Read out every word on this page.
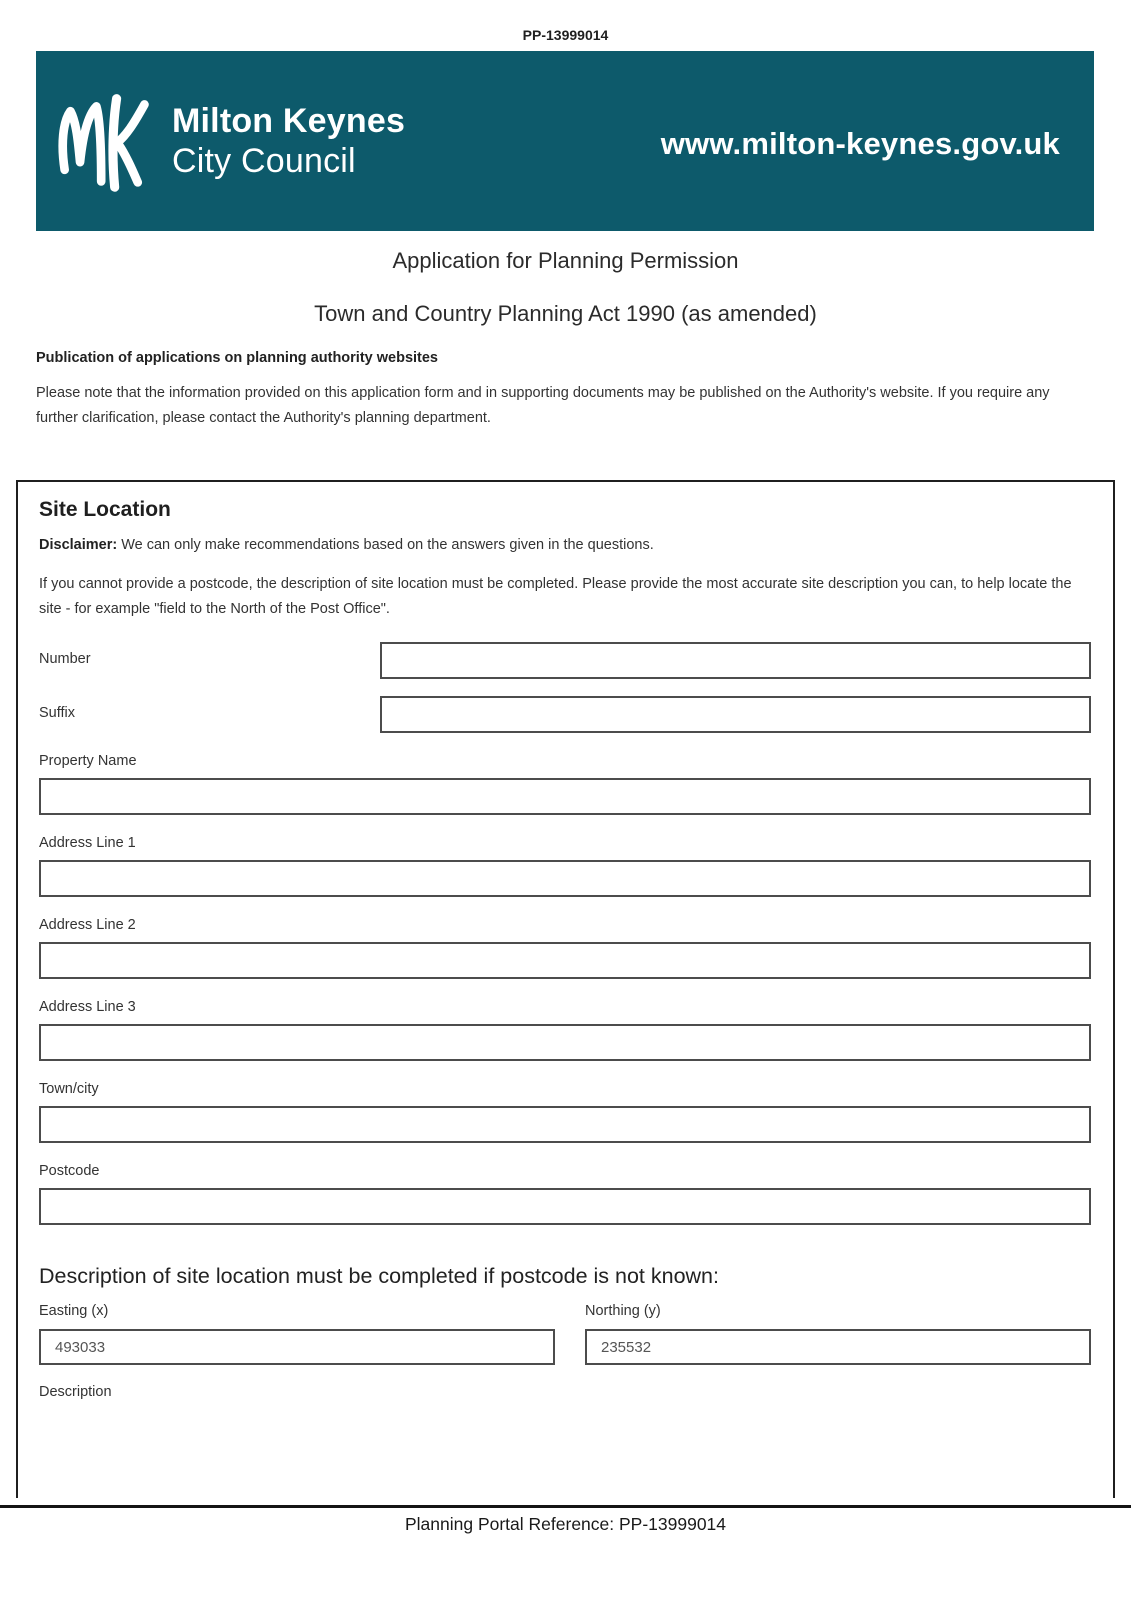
PP-13999014
Milton Keynes
City Council	www.milton-keynes.gov.uk
Application for Planning Permission
Town and Country Planning Act 1990 (as amended)
Publication of applications on planning authority websites
Please note that the information provided on this application form and in supporting documents may be published on the Authority's website. If you require any further clarification, please contact the Authority's planning department.
Site Location
Disclaimer: We can only make recommendations based on the answers given in the questions.
If you cannot provide a postcode, the description of site location must be completed. Please provide the most accurate site description you can, to help locate the site - for example "field to the North of the Post Office".
Number
Suffix
Property Name
Address Line 1
Address Line 2
Address Line 3
Town/city
Postcode
Description of site location must be completed if postcode is not known:
Easting (x)
493033	Northing (y)
235532
Description
Planning Portal Reference: PP-13999014
